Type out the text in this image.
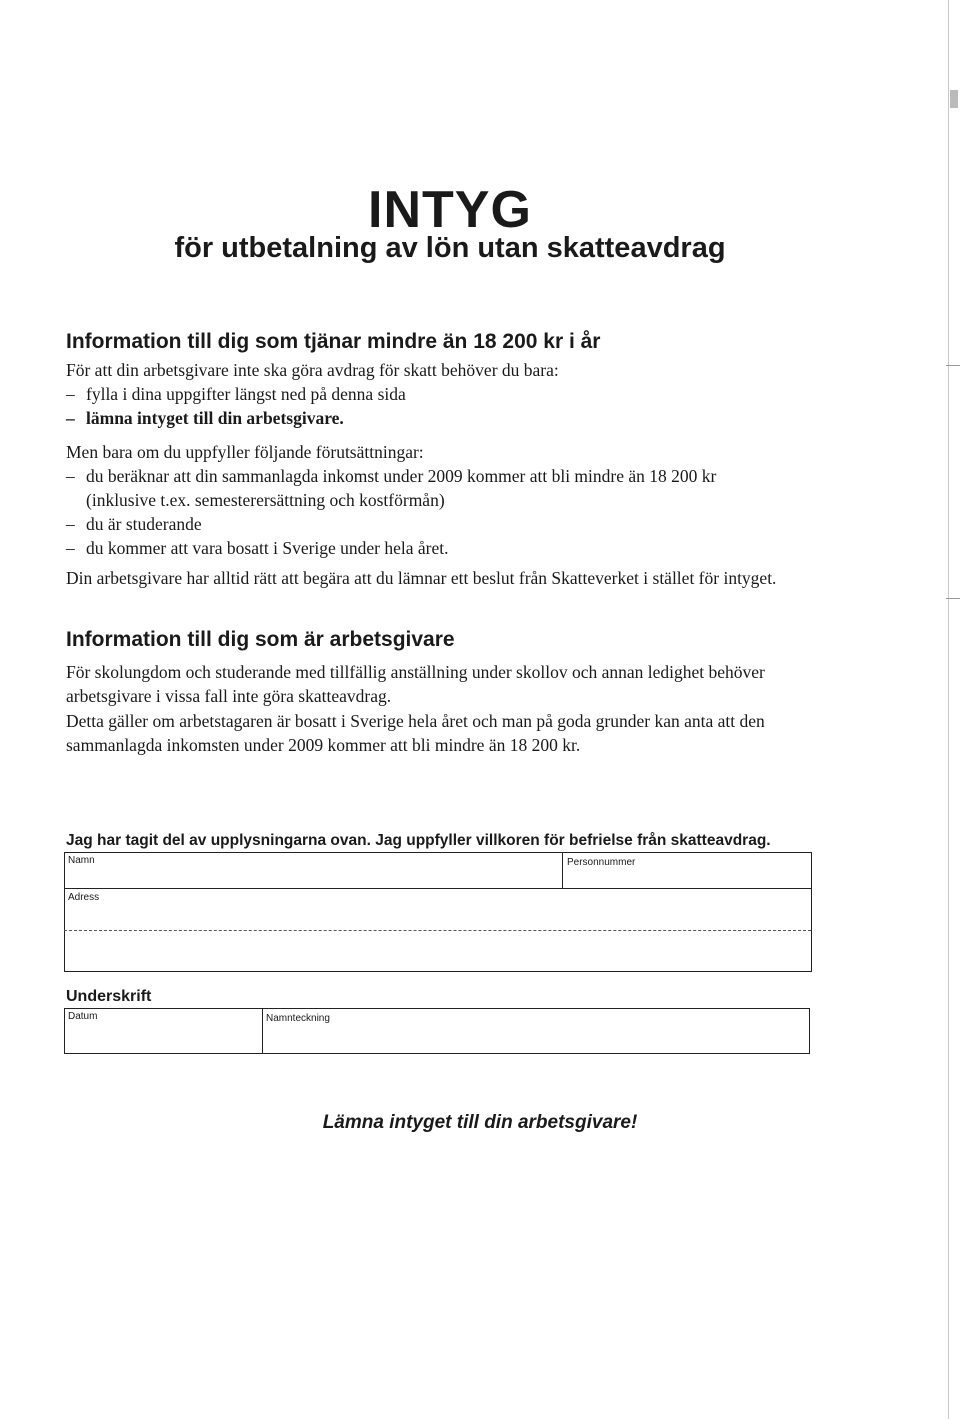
INTYG
för utbetalning av lön utan skatteavdrag
Information till dig som tjänar mindre än 18 200 kr i år
För att din arbetsgivare inte ska göra avdrag för skatt behöver du bara:
– fylla i dina uppgifter längst ned på denna sida
– lämna intyget till din arbetsgivare.
Men bara om du uppfyller följande förutsättningar:
– du beräknar att din sammanlagda inkomst under 2009 kommer att bli mindre än 18 200 kr
(inklusive t.ex. semesterersättning och kostförmån)
– du är studerande
– du kommer att vara bosatt i Sverige under hela året.
Din arbetsgivare har alltid rätt att begära att du lämnar ett beslut från Skatteverket i stället för intyget.
Information till dig som är arbetsgivare
För skolungdom och studerande med tillfällig anställning under skollov och annan ledighet behöver
arbetsgivare i vissa fall inte göra skatteavdrag.
Detta gäller om arbetstagaren är bosatt i Sverige hela året och man på goda grunder kan anta att den
sammanlagda inkomsten under 2009 kommer att bli mindre än 18 200 kr.
Jag har tagit del av upplysningarna ovan. Jag uppfyller villkoren för befrielse från skatteavdrag.
Namn	Personnummer
Adress
Underskrift
Datum	Namnteckning
Lämna intyget till din arbetsgivare!
